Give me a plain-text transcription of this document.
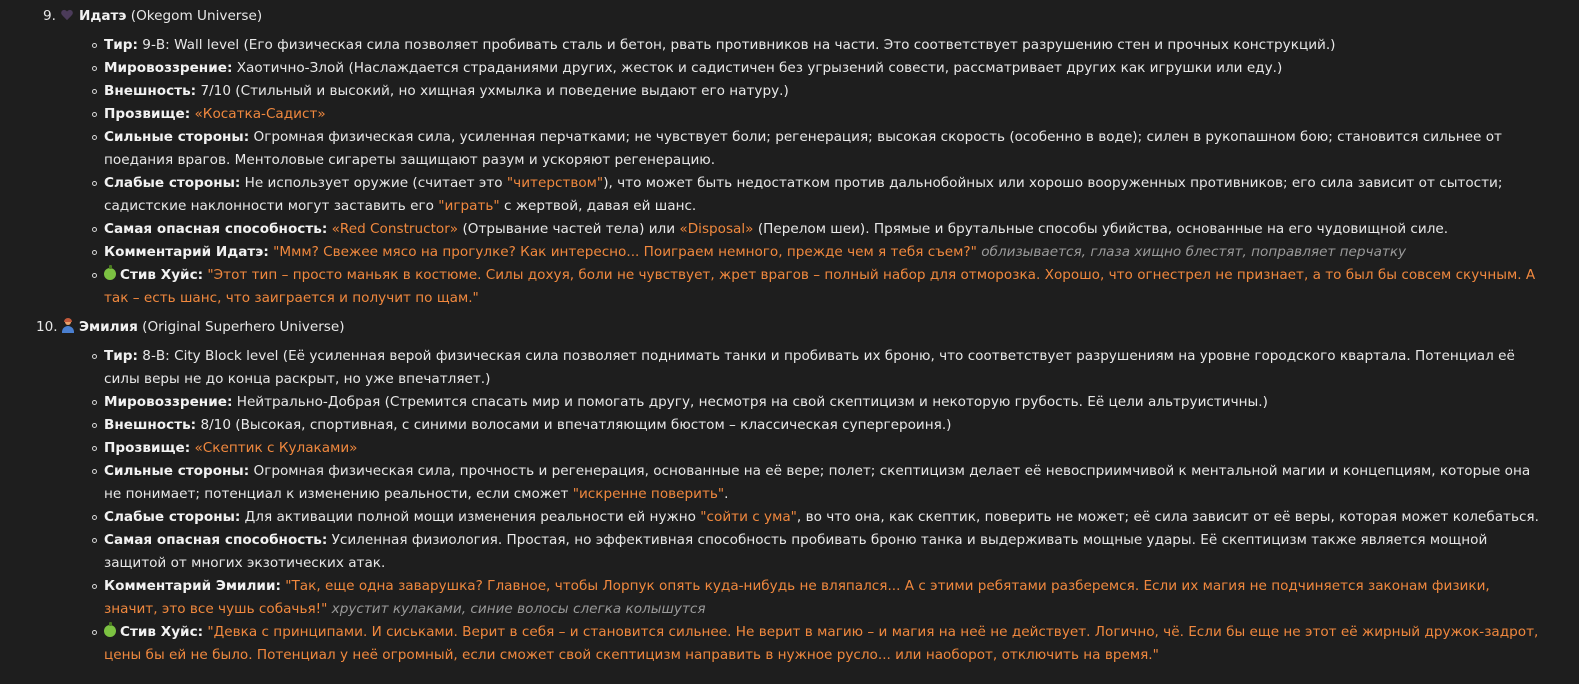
9.	Идатэ (Okegom Universe)
Тир: 9-B: Wall level (Его физическая сила позволяет пробивать сталь и бетон, рвать противников на части. Это соответствует разрушению стен и прочных конструкций.)
Мировоззрение: Хаотично-Злой (Наслаждается страданиями других, жесток и садистичен без угрызений совести, рассматривает других как игрушки или еду.)
Внешность: 7/10 (Стильный и высокий, но хищная ухмылка и поведение выдают его натуру.)
Прозвище: «Косатка-Садист»
Сильные стороны: Огромная физическая сила, усиленная перчатками; не чувствует боли; регенерация; высокая скорость (особенно в воде); силен в рукопашном бою; становится сильнее от поедания врагов. Ментоловые сигареты защищают разум и ускоряют регенерацию.
Слабые стороны: Не использует оружие (считает это "читерством"), что может быть недостатком против дальнобойных или хорошо вооруженных противников; его сила зависит от сытости; садистские наклонности могут заставить его "играть" с жертвой, давая ей шанс.
Самая опасная способность: «Red Constructor» (Отрывание частей тела) или «Disposal» (Перелом шеи). Прямые и брутальные способы убийства, основанные на его чудовищной силе.
Комментарий Идатэ: "Ммм? Свежее мясо на прогулке? Как интересно... Поиграем немного, прежде чем я тебя съем?" облизывается, глаза хищно блестят, поправляет перчатку
Стив Хуйс: "Этот тип – просто маньяк в костюме. Силы дохуя, боли не чувствует, жрет врагов – полный набор для отморозка. Хорошо, что огнестрел не признает, а то был бы совсем скучным. А так – есть шанс, что заиграется и получит по щам."
10.	Эмилия (Original Superhero Universe)
Тир: 8-B: City Block level (Её усиленная верой физическая сила позволяет поднимать танки и пробивать их броню, что соответствует разрушениям на уровне городского квартала. Потенциал её силы веры не до конца раскрыт, но уже впечатляет.)
Мировоззрение: Нейтрально-Добрая (Стремится спасать мир и помогать другу, несмотря на свой скептицизм и некоторую грубость. Её цели альтруистичны.)
Внешность: 8/10 (Высокая, спортивная, с синими волосами и впечатляющим бюстом – классическая супергероиня.)
Прозвище: «Скептик с Кулаками»
Сильные стороны: Огромная физическая сила, прочность и регенерация, основанные на её вере; полет; скептицизм делает её невосприимчивой к ментальной магии и концепциям, которые она не понимает; потенциал к изменению реальности, если сможет "искренне поверить".
Слабые стороны: Для активации полной мощи изменения реальности ей нужно "сойти с ума", во что она, как скептик, поверить не может; её сила зависит от её веры, которая может колебаться.
Самая опасная способность: Усиленная физиология. Простая, но эффективная способность пробивать броню танка и выдерживать мощные удары. Её скептицизм также является мощной защитой от многих экзотических атак.
Комментарий Эмилии: "Так, еще одна заварушка? Главное, чтобы Лорпук опять куда-нибудь не вляпался... А с этими ребятами разберемся. Если их магия не подчиняется законам физики, значит, это все чушь собачья!" хрустит кулаками, синие волосы слегка колышутся
Стив Хуйс: "Девка с принципами. И сиськами. Верит в себя – и становится сильнее. Не верит в магию – и магия на неё не действует. Логично, чё. Если бы еще не этот её жирный дружок-задрот, цены бы ей не было. Потенциал у неё огромный, если сможет свой скептицизм направить в нужное русло... или наоборот, отключить на время."
